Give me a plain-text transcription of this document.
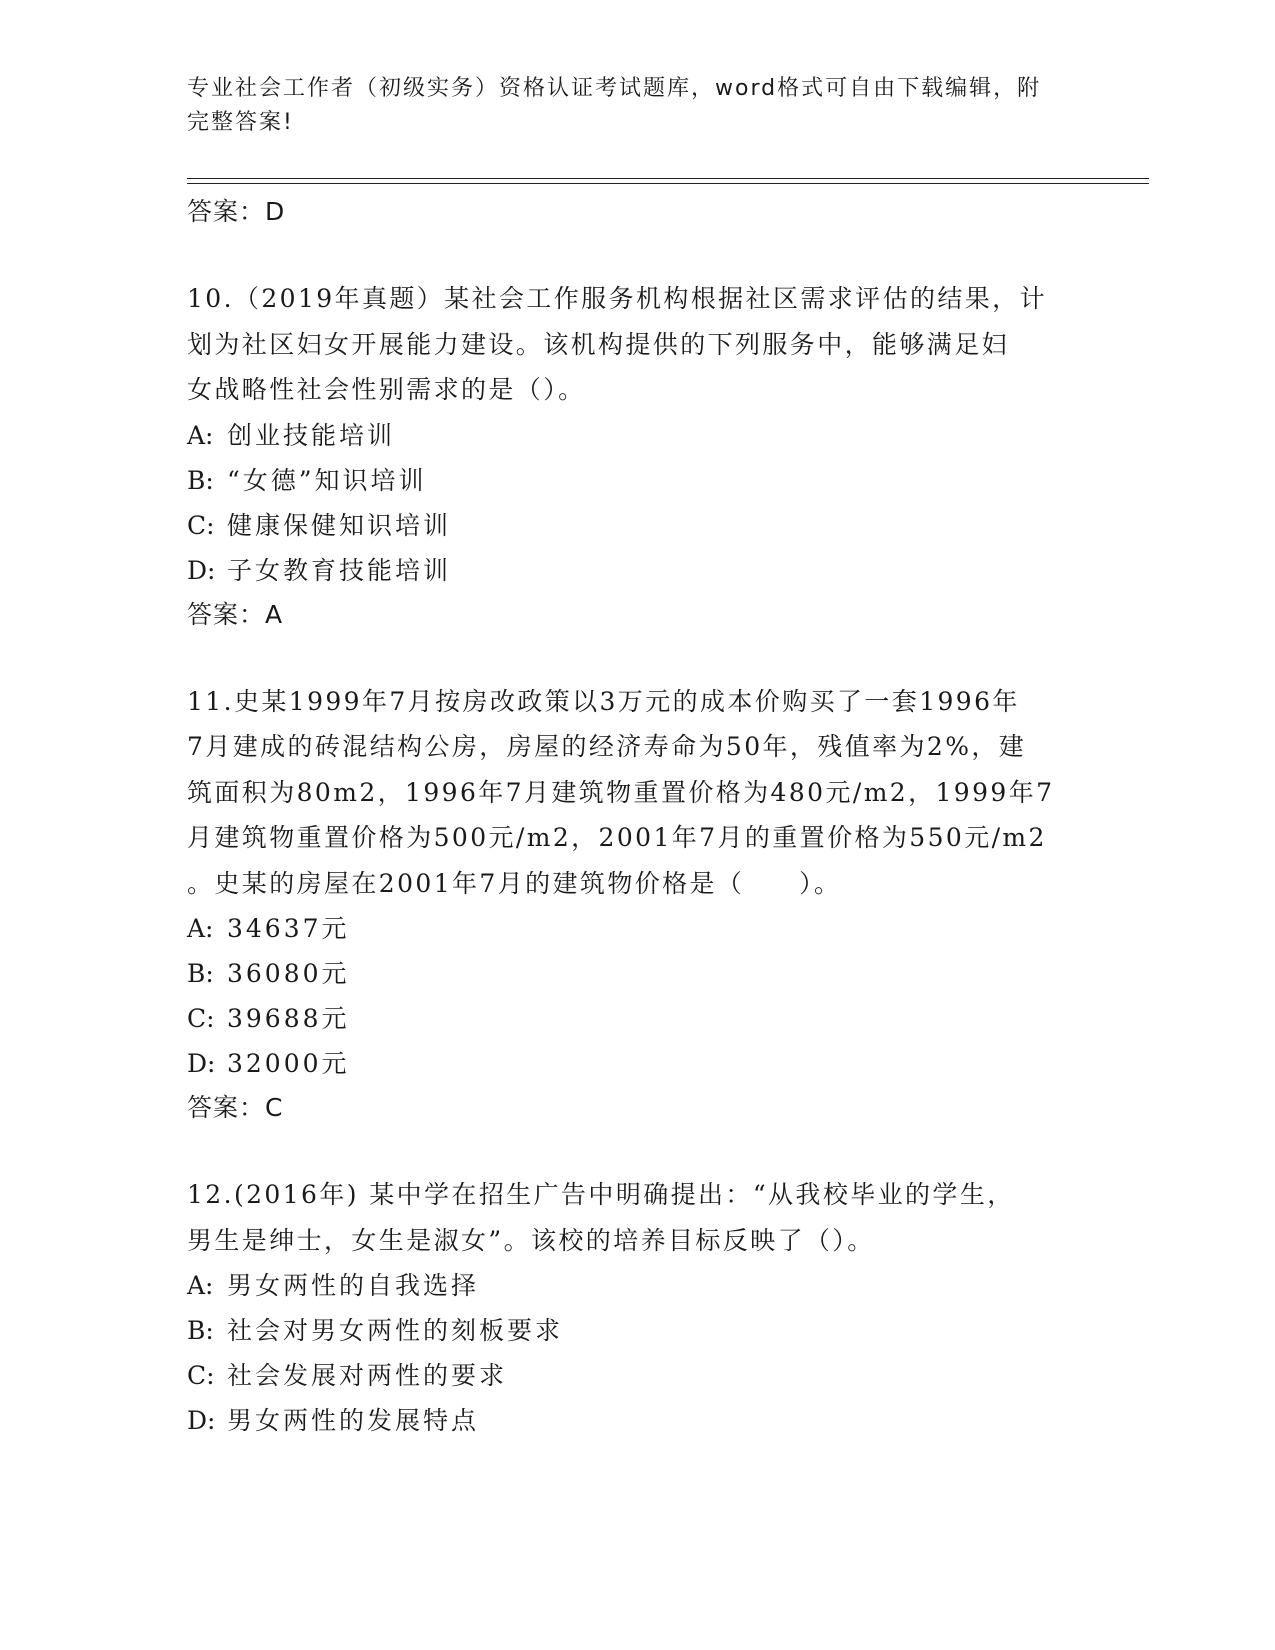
专业社会工作者（初级实务）资格认证考试题库，word格式可自由下载编辑，附
完整答案!
答案：D

10.（2019年真题）某社会工作服务机构根据社区需求评估的结果，计
划为社区妇女开展能力建设。该机构提供的下列服务中，能够满足妇
女战略性社会性别需求的是（）。

A: 创业技能培训
B: “女德”知识培训
C: 健康保健知识培训
D: 子女教育技能培训
答案：A

11.史某1999年7月按房改政策以3万元的成本价购买了一套1996年
7月建成的砖混结构公房，房屋的经济寿命为50年，残值率为2%，建
筑面积为80m2，1996年7月建筑物重置价格为480元/m2，1999年7
月建筑物重置价格为500元/m2，2001年7月的重置价格为550元/m2
。史某的房屋在2001年7月的建筑物价格是（　　）。

A: 34637元
B: 36080元
C: 39688元
D: 32000元
答案：C

12.(2016年) 某中学在招生广告中明确提出：“从我校毕业的学生，
男生是绅士，女生是淑女”。该校的培养目标反映了（）。

A: 男女两性的自我选择
B: 社会对男女两性的刻板要求
C: 社会发展对两性的要求
D: 男女两性的发展特点
